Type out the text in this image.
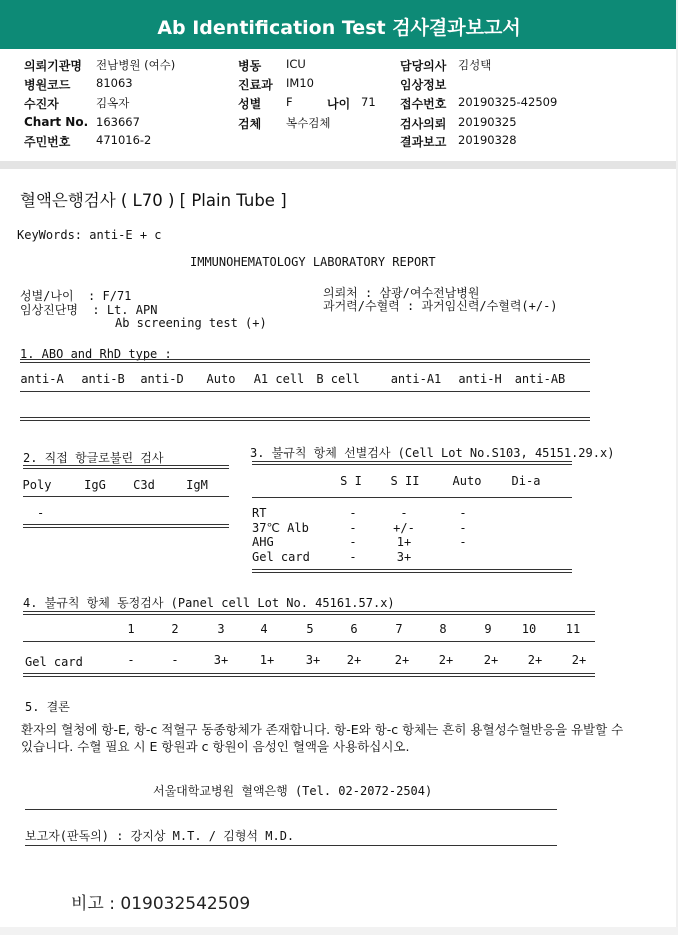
Ab Identification Test 검사결과보고서
의뢰기관명 전남병원 (여수)
병원코드 81063
수진자	김옥자
Chart No. 163667
주민번호 471016-2
병동 ICU
진료과 IM10
성별 F	나이 71
검체 복수검체
담당의사 김성택
임상정보
접수번호 20190325-42509
검사의뢰 20190325
결과보고 20190328
혈액은행검사 ( L70 ) [ Plain Tube ]
KeyWords: anti-E + c
IMMUNOHEMATOLOGY LABORATORY REPORT
성별/나이  : F/71
임상진단명  : Lt. APN
Ab screening test (+)
의뢰처 : 삼광/여수전남병원
과거력/수혈력 : 과거임신력/수혈력(+/-)
1. ABO and RhD type :
anti-A anti-B anti-D Auto A1 cell B cell	anti-A1 anti-H anti-AB
2. 직접 항글로불린 검사
Poly	IgG C3d	IgM
-
3. 불규칙 항체 선별검사 (Cell Lot No.S103, 45151.29.x)
S I S II	Auto	Di-a
RT	-	-	-
37℃ Alb	-	+/-	-
AHG	-	1+	-
Gel card	-	3+
4. 불규칙 항체 동정검사 (Panel cell Lot No. 45161.57.x)
1	2	3	4	5	6	7	8	9	10 11
Gel card	-	-	3+	1+	3+ 2+	2+ 2+	2+ 2+ 2+
5. 결론
환자의 혈청에 항-E, 항-c 적혈구 동종항체가 존재합니다. 항-E와 항-c 항체는 흔히 용혈성수혈반응을 유발할 수 있습니다. 수혈 필요 시 E 항원과 c 항원이 음성인 혈액을 사용하십시오.
서울대학교병원 혈액은행 (Tel. 02-2072-2504)
보고자(판독의) : 강지상 M.T. / 김형석 M.D.
비고 : 019032542509
